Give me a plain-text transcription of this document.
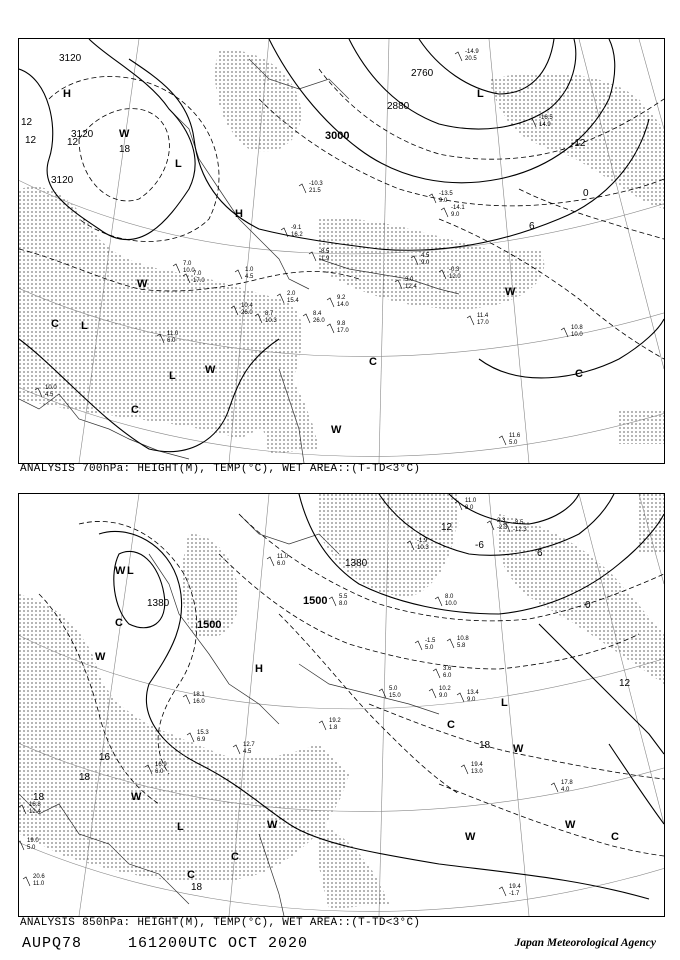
3120
3120
3120
3000
2880
2760
12
12
12
18
0
-12
6
H
L
W
C L
L
W
C
W
C
W
C
W
H
L
-14.9
20.5
-16.5
14.9
-13.5
9.0
-10.3
21.5
-14.1
9.0
-9.1
16.2
-8.5
-1.9
2.0
15.4
1.0
4.5
9.2
14.0
9.8
17.0
8.4
26.0
10.4
26.0 8.7
10.3
7.0
17.0
11.4
17.0
10.8
10.0
11.6
5.0
11.0
6.0
10.0
4.5
7.0
10.0
3.0
12.4
-0.3
12.0
4.5
9.0
ANALYSIS 700hPa: HEIGHT(M), TEMP(°C), WET AREA::(T-TD<3°C)
1380
1500
1500
1380
16
18
18
18
12
12
0
18
6
-6
L
H
W
W
C
W
L	W
C
C
W
W
C
L
W
C
11.0
8.0
2.3
-2.3
-8.5
-12.3
-1.9
10.3
11.0
6.0
5.5
8.0
8.0
10.0
-1.5
5.0
10.8
5.8
3.6
6.0
5.0
15.0
10.2
9.0	13.4
9.0
19.4
13.0
17.8
4.0
19.4
-1.7
15.3
6.9
12.7
4.5
19.0
5.0
20.6
11.0
16.8
12.4
16.9
6.0
18.1
16.0
19.2
1.8
ANALYSIS 850hPa: HEIGHT(M), TEMP(°C), WET AREA::(T-TD<3°C)
AUPQ78	161200UTC OCT 2020	Japan Meteorological Agency
